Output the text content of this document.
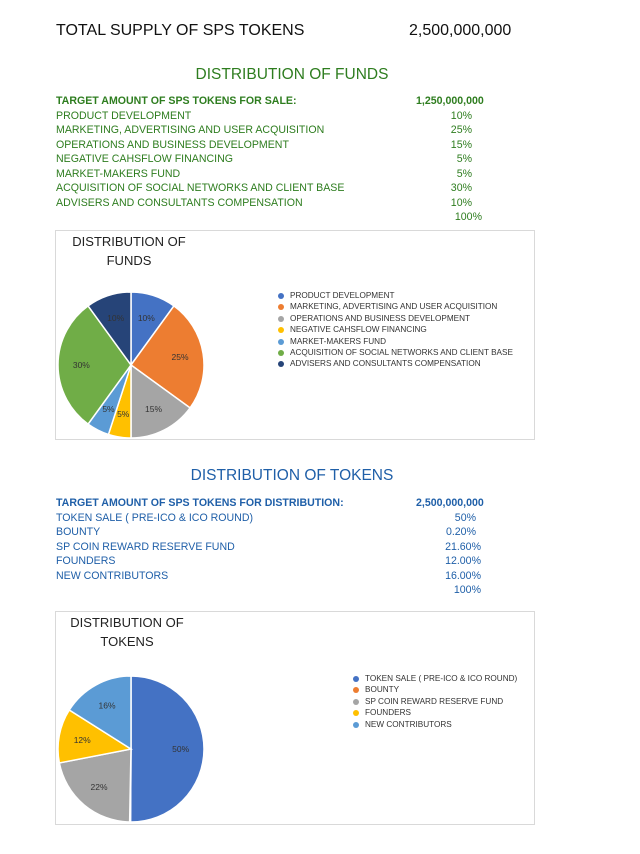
TOTAL SUPPLY OF SPS TOKENS	2,500,000,000
DISTRIBUTION OF FUNDS
TARGET AMOUNT OF SPS TOKENS FOR SALE:	1,250,000,000
PRODUCT DEVELOPMENT	10%
MARKETING, ADVERTISING AND USER ACQUISITION	25%
OPERATIONS AND BUSINESS DEVELOPMENT	15%
NEGATIVE CAHSFLOW FINANCING	5%
MARKET-MAKERS FUND	5%
ACQUISITION OF SOCIAL NETWORKS AND CLIENT BASE	30%
ADVISERS AND CONSULTANTS COMPENSATION	10%
100%
DISTRIBUTION OF FUNDS
10%
25%
15%
5%
5%
30%
10%
PRODUCT DEVELOPMENT
MARKETING, ADVERTISING AND USER ACQUISITION
OPERATIONS AND BUSINESS DEVELOPMENT
NEGATIVE CAHSFLOW FINANCING
MARKET-MAKERS FUND
ACQUISITION OF SOCIAL NETWORKS AND CLIENT BASE
ADVISERS AND CONSULTANTS COMPENSATION
DISTRIBUTION OF TOKENS
TARGET AMOUNT OF SPS TOKENS FOR DISTRIBUTION:	2,500,000,000
TOKEN SALE ( PRE-ICO & ICO ROUND)	50%
BOUNTY	0.20%
SP COIN REWARD RESERVE FUND	21.60%
FOUNDERS	12.00%
NEW CONTRIBUTORS	16.00%
100%
DISTRIBUTION OF TOKENS
50%
22%
12%
16%
TOKEN SALE ( PRE-ICO & ICO ROUND)
BOUNTY
SP COIN REWARD RESERVE FUND
FOUNDERS
NEW CONTRIBUTORS
